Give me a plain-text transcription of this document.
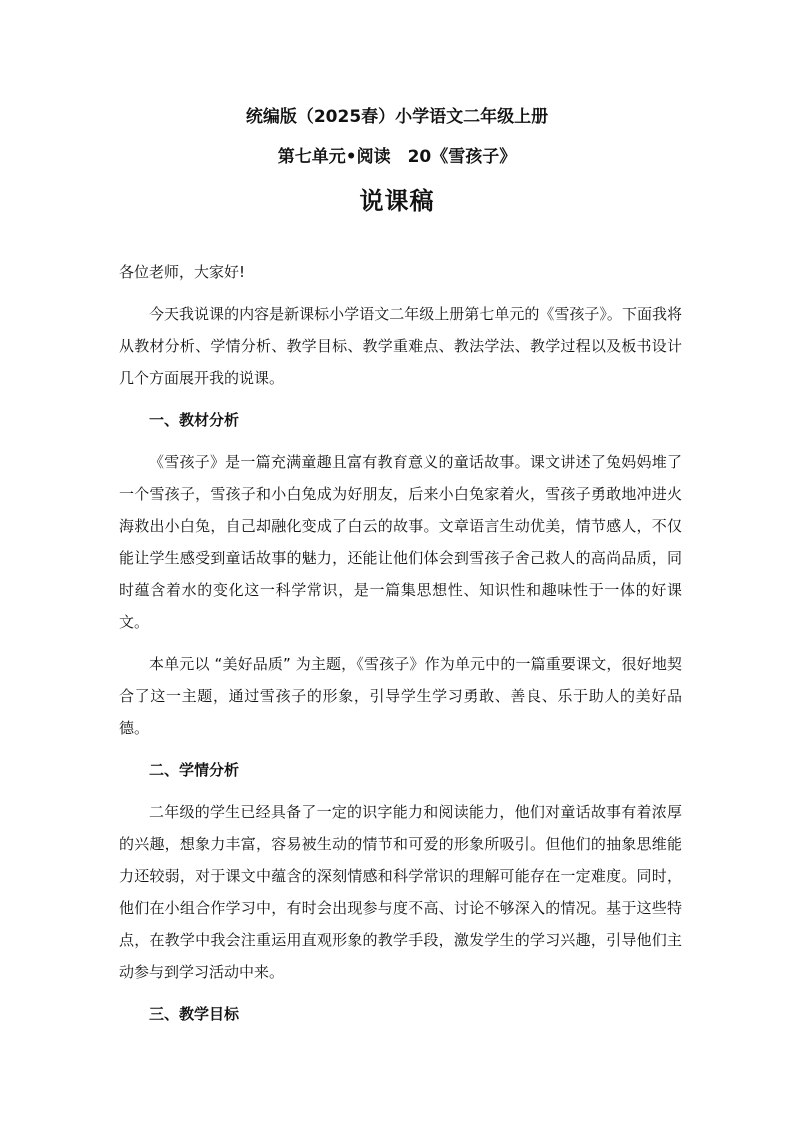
统编版（2025春）小学语文二年级上册
第七单元•阅读　20《雪孩子》
说课稿

各位老师，大家好!

今天我说课的内容是新课标小学语文二年级上册第七单元的《雪孩子》。下面我将从教材分析、学情分析、教学目标、教学重难点、教法学法、教学过程以及板书设计几个方面展开我的说课。

一、教材分析

《雪孩子》是一篇充满童趣且富有教育意义的童话故事。课文讲述了兔妈妈堆了一个雪孩子，雪孩子和小白兔成为好朋友，后来小白兔家着火，雪孩子勇敢地冲进火海救出小白兔，自己却融化变成了白云的故事。文章语言生动优美，情节感人，不仅能让学生感受到童话故事的魅力，还能让他们体会到雪孩子舍己救人的高尚品质，同时蕴含着水的变化这一科学常识，是一篇集思想性、知识性和趣味性于一体的好课文。

本单元以 “美好品质” 为主题，《雪孩子》作为单元中的一篇重要课文，很好地契合了这一主题，通过雪孩子的形象，引导学生学习勇敢、善良、乐于助人的美好品德。

二、学情分析

二年级的学生已经具备了一定的识字能力和阅读能力，他们对童话故事有着浓厚的兴趣，想象力丰富，容易被生动的情节和可爱的形象所吸引。但他们的抽象思维能力还较弱，对于课文中蕴含的深刻情感和科学常识的理解可能存在一定难度。同时，他们在小组合作学习中，有时会出现参与度不高、讨论不够深入的情况。基于这些特点，在教学中我会注重运用直观形象的教学手段，激发学生的学习兴趣，引导他们主动参与到学习活动中来。

三、教学目标
